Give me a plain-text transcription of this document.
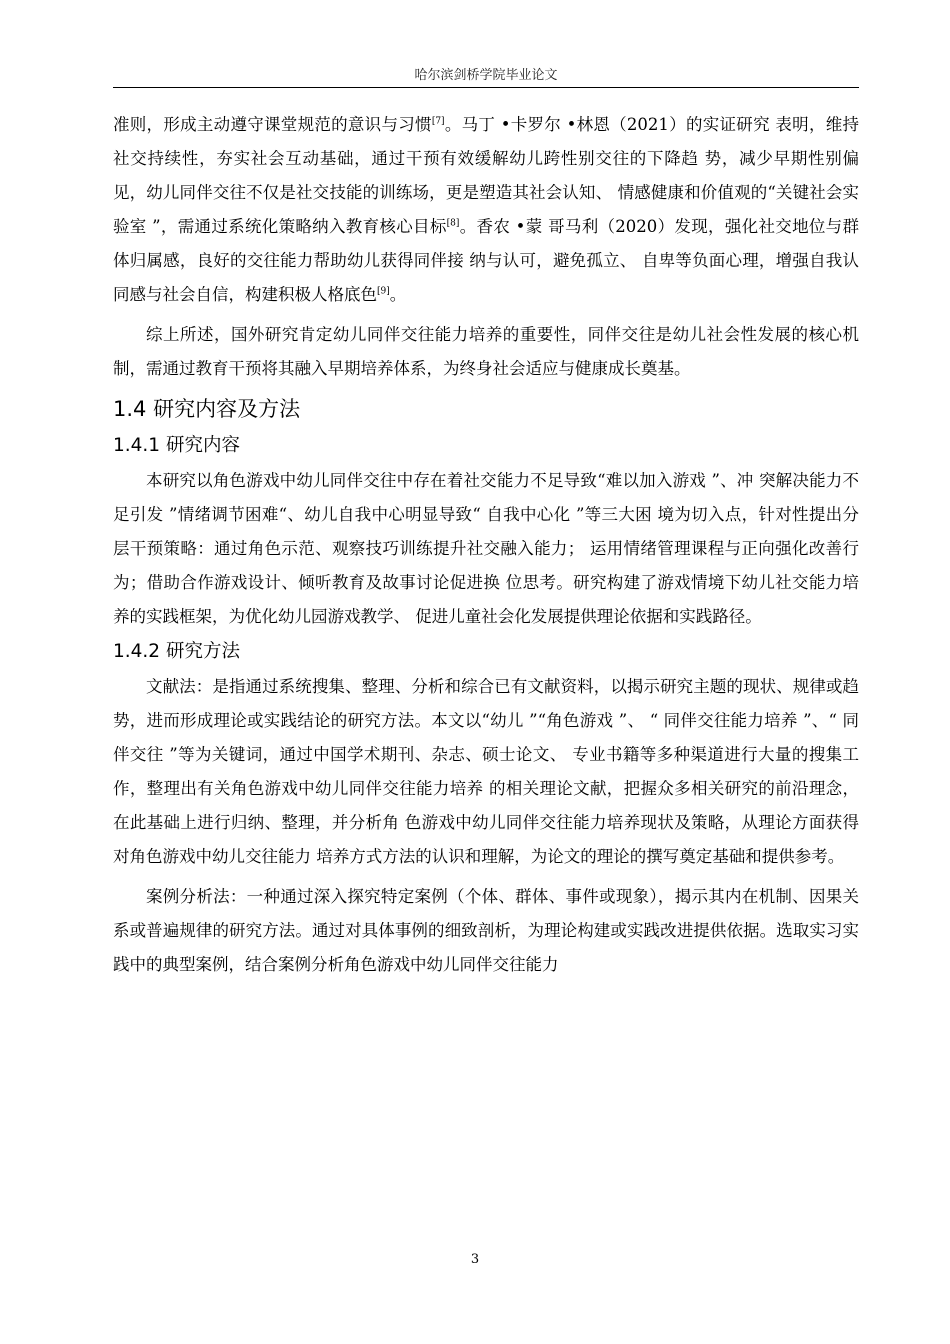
哈尔滨剑桥学院毕业论文

准则，形成主动遵守课堂规范的意识与习惯[7]。马丁 •卡罗尔 •林恩（2021）的实证研究 表明，维持社交持续性，夯实社会互动基础，通过干预有效缓解幼儿跨性别交往的下降趋 势，减少早期性别偏见，幼儿同伴交往不仅是社交技能的训练场，更是塑造其社会认知、 情感健康和价值观的“关键社会实验室 ”，需通过系统化策略纳入教育核心目标[8]。香农 •蒙 哥马利（2020）发现，强化社交地位与群体归属感，良好的交往能力帮助幼儿获得同伴接 纳与认可，避免孤立、 自卑等负面心理，增强自我认同感与社会自信，构建积极人格底色[9]。

综上所述，国外研究肯定幼儿同伴交往能力培养的重要性，同伴交往是幼儿社会性发展的核心机制，需通过教育干预将其融入早期培养体系，为终身社会适应与健康成长奠基。

1.4 研究内容及方法
1.4.1 研究内容

本研究以角色游戏中幼儿同伴交往中存在着社交能力不足导致“难以加入游戏 ”、冲 突解决能力不足引发 ”情绪调节困难“、幼儿自我中心明显导致“ 自我中心化 ”等三大困 境为切入点，针对性提出分层干预策略：通过角色示范、观察技巧训练提升社交融入能力； 运用情绪管理课程与正向强化改善行为；借助合作游戏设计、倾听教育及故事讨论促进换 位思考。研究构建了游戏情境下幼儿社交能力培养的实践框架，为优化幼儿园游戏教学、 促进儿童社会化发展提供理论依据和实践路径。

1.4.2 研究方法

文献法：是指通过系统搜集、整理、分析和综合已有文献资料，以揭示研究主题的现状、规律或趋势，进而形成理论或实践结论的研究方法。本文以“幼儿 ”“角色游戏 ”、 “ 同伴交往能力培养 ”、“ 同伴交往 ”等为关键词，通过中国学术期刊、杂志、硕士论文、 专业书籍等多种渠道进行大量的搜集工作，整理出有关角色游戏中幼儿同伴交往能力培养 的相关理论文献，把握众多相关研究的前沿理念，在此基础上进行归纳、整理，并分析角 色游戏中幼儿同伴交往能力培养现状及策略，从理论方面获得对角色游戏中幼儿交往能力 培养方式方法的认识和理解，为论文的理论的撰写奠定基础和提供参考。

案例分析法：一种通过深入探究特定案例（个体、群体、事件或现象），揭示其内在机制、因果关系或普遍规律的研究方法。通过对具体事例的细致剖析，为理论构建或实践改进提供依据。选取实习实践中的典型案例，结合案例分析角色游戏中幼儿同伴交往能力

3
